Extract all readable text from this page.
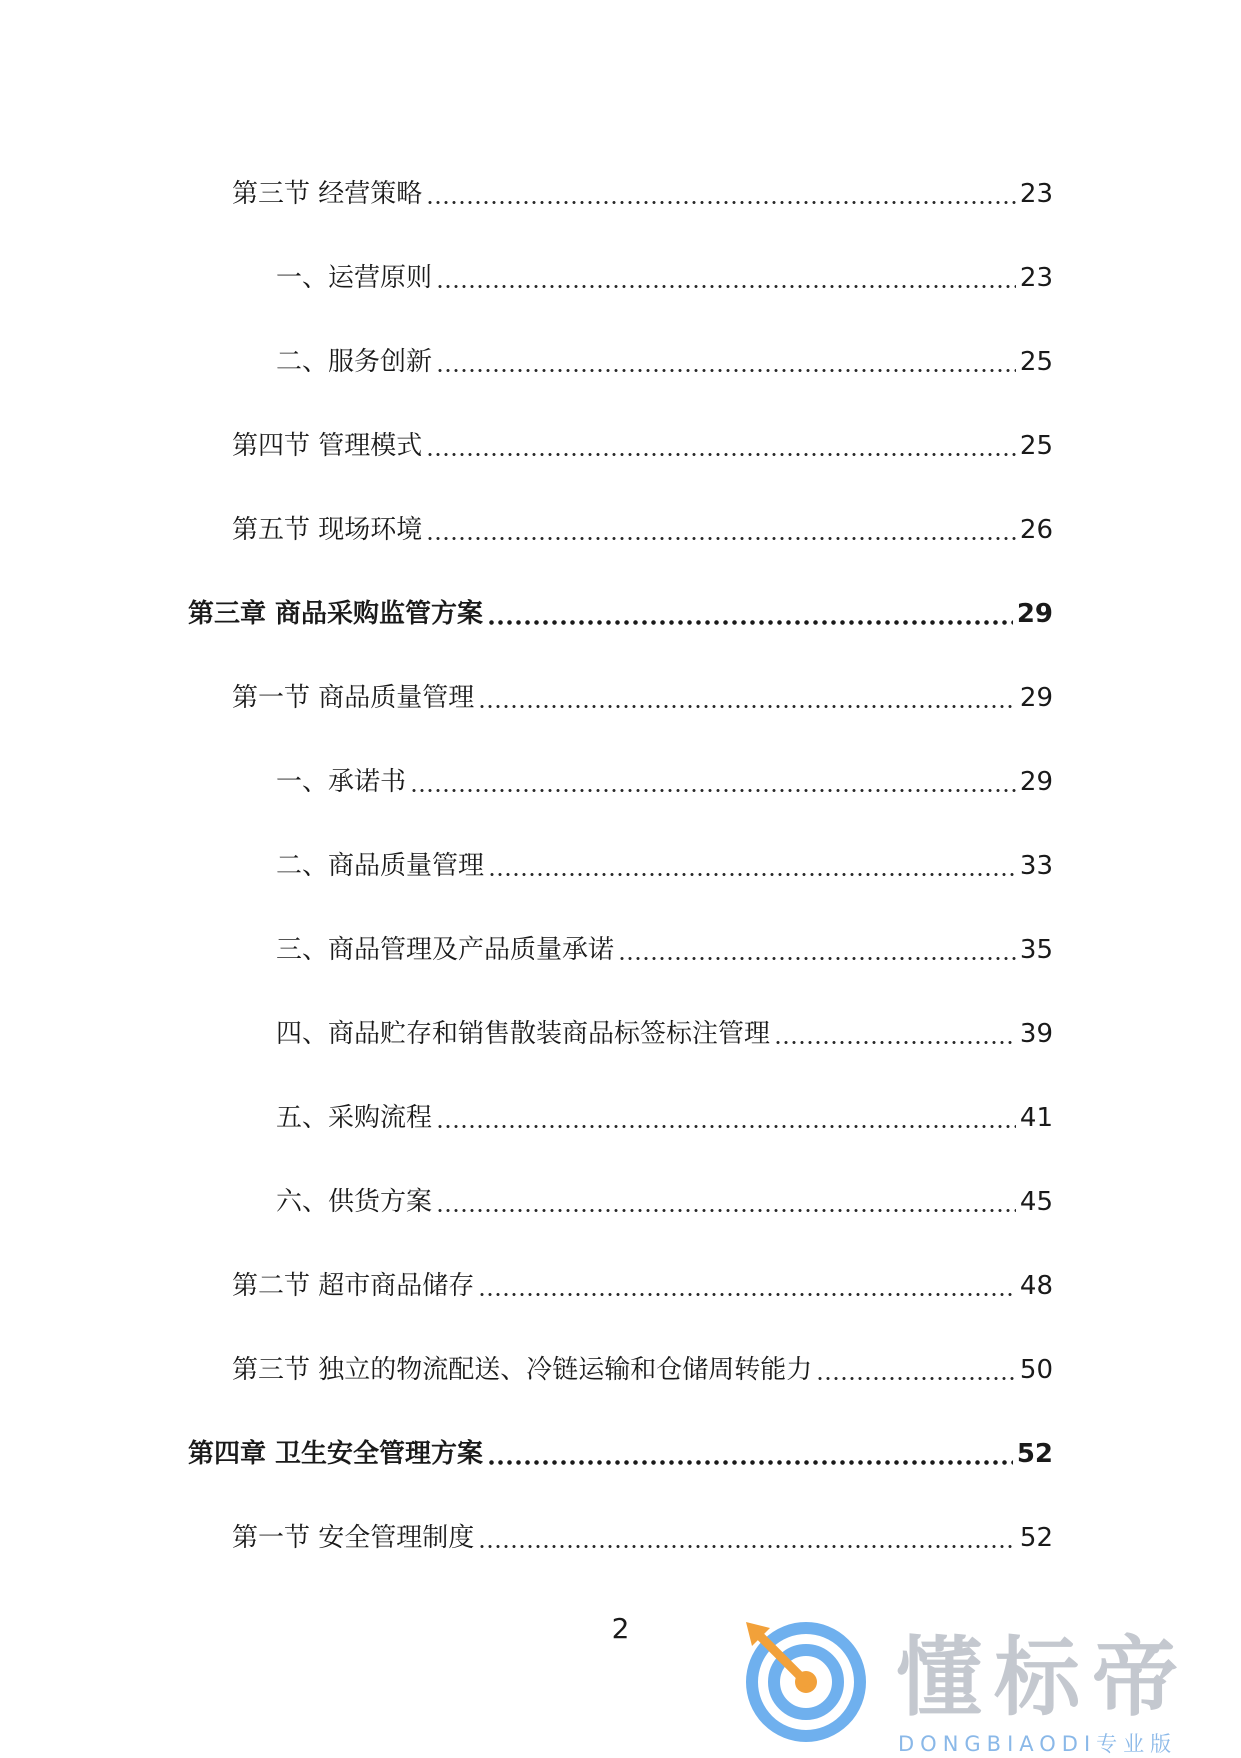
第三节 经营策略	23
一、运营原则	23
二、服务创新	25
第四节 管理模式	25
第五节 现场环境	26
第三章 商品采购监管方案	29
第一节 商品质量管理	29
一、承诺书	29
二、商品质量管理	33
三、商品管理及产品质量承诺	35
四、商品贮存和销售散装商品标签标注管理	39
五、采购流程	41
六、供货方案	45
第二节 超市商品储存	48
第三节 独立的物流配送、冷链运输和仓储周转能力	50
第四章 卫生安全管理方案	52
第一节 安全管理制度	52
2	懂标帝
DONGBIAODI专业版
